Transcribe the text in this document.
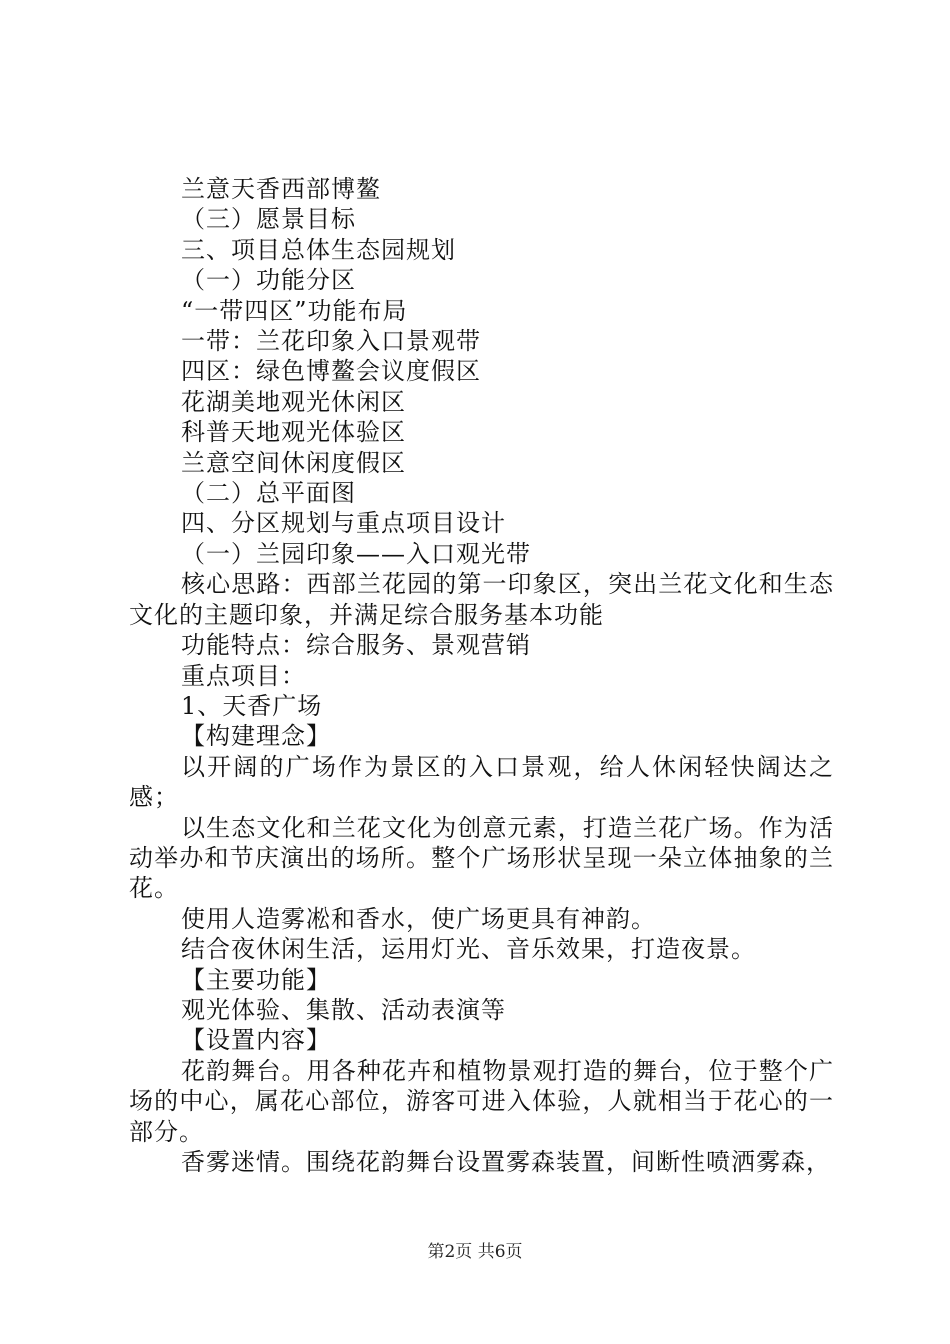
兰意天香西部博鳌

（三）愿景目标

三、项目总体生态园规划

（一）功能分区

“一带四区”功能布局

一带：兰花印象入口景观带

四区：绿色博鳌会议度假区

花湖美地观光休闲区

科普天地观光体验区

兰意空间休闲度假区

（二）总平面图

四、分区规划与重点项目设计

（一）兰园印象——入口观光带

核心思路：西部兰花园的第一印象区，突出兰花文化和生态文化的主题印象，并满足综合服务基本功能

功能特点：综合服务、景观营销

重点项目：

1、天香广场

【构建理念】

以开阔的广场作为景区的入口景观，给人休闲轻快阔达之感；

以生态文化和兰花文化为创意元素，打造兰花广场。作为活动举办和节庆演出的场所。整个广场形状呈现一朵立体抽象的兰花。

使用人造雾凇和香水，使广场更具有神韵。

结合夜休闲生活，运用灯光、音乐效果，打造夜景。

【主要功能】

观光体验、集散、活动表演等

【设置内容】

花韵舞台。用各种花卉和植物景观打造的舞台，位于整个广场的中心，属花心部位，游客可进入体验，人就相当于花心的一部分。

香雾迷情。围绕花韵舞台设置雾森装置，间断性喷洒雾森，

第2页 共6页
